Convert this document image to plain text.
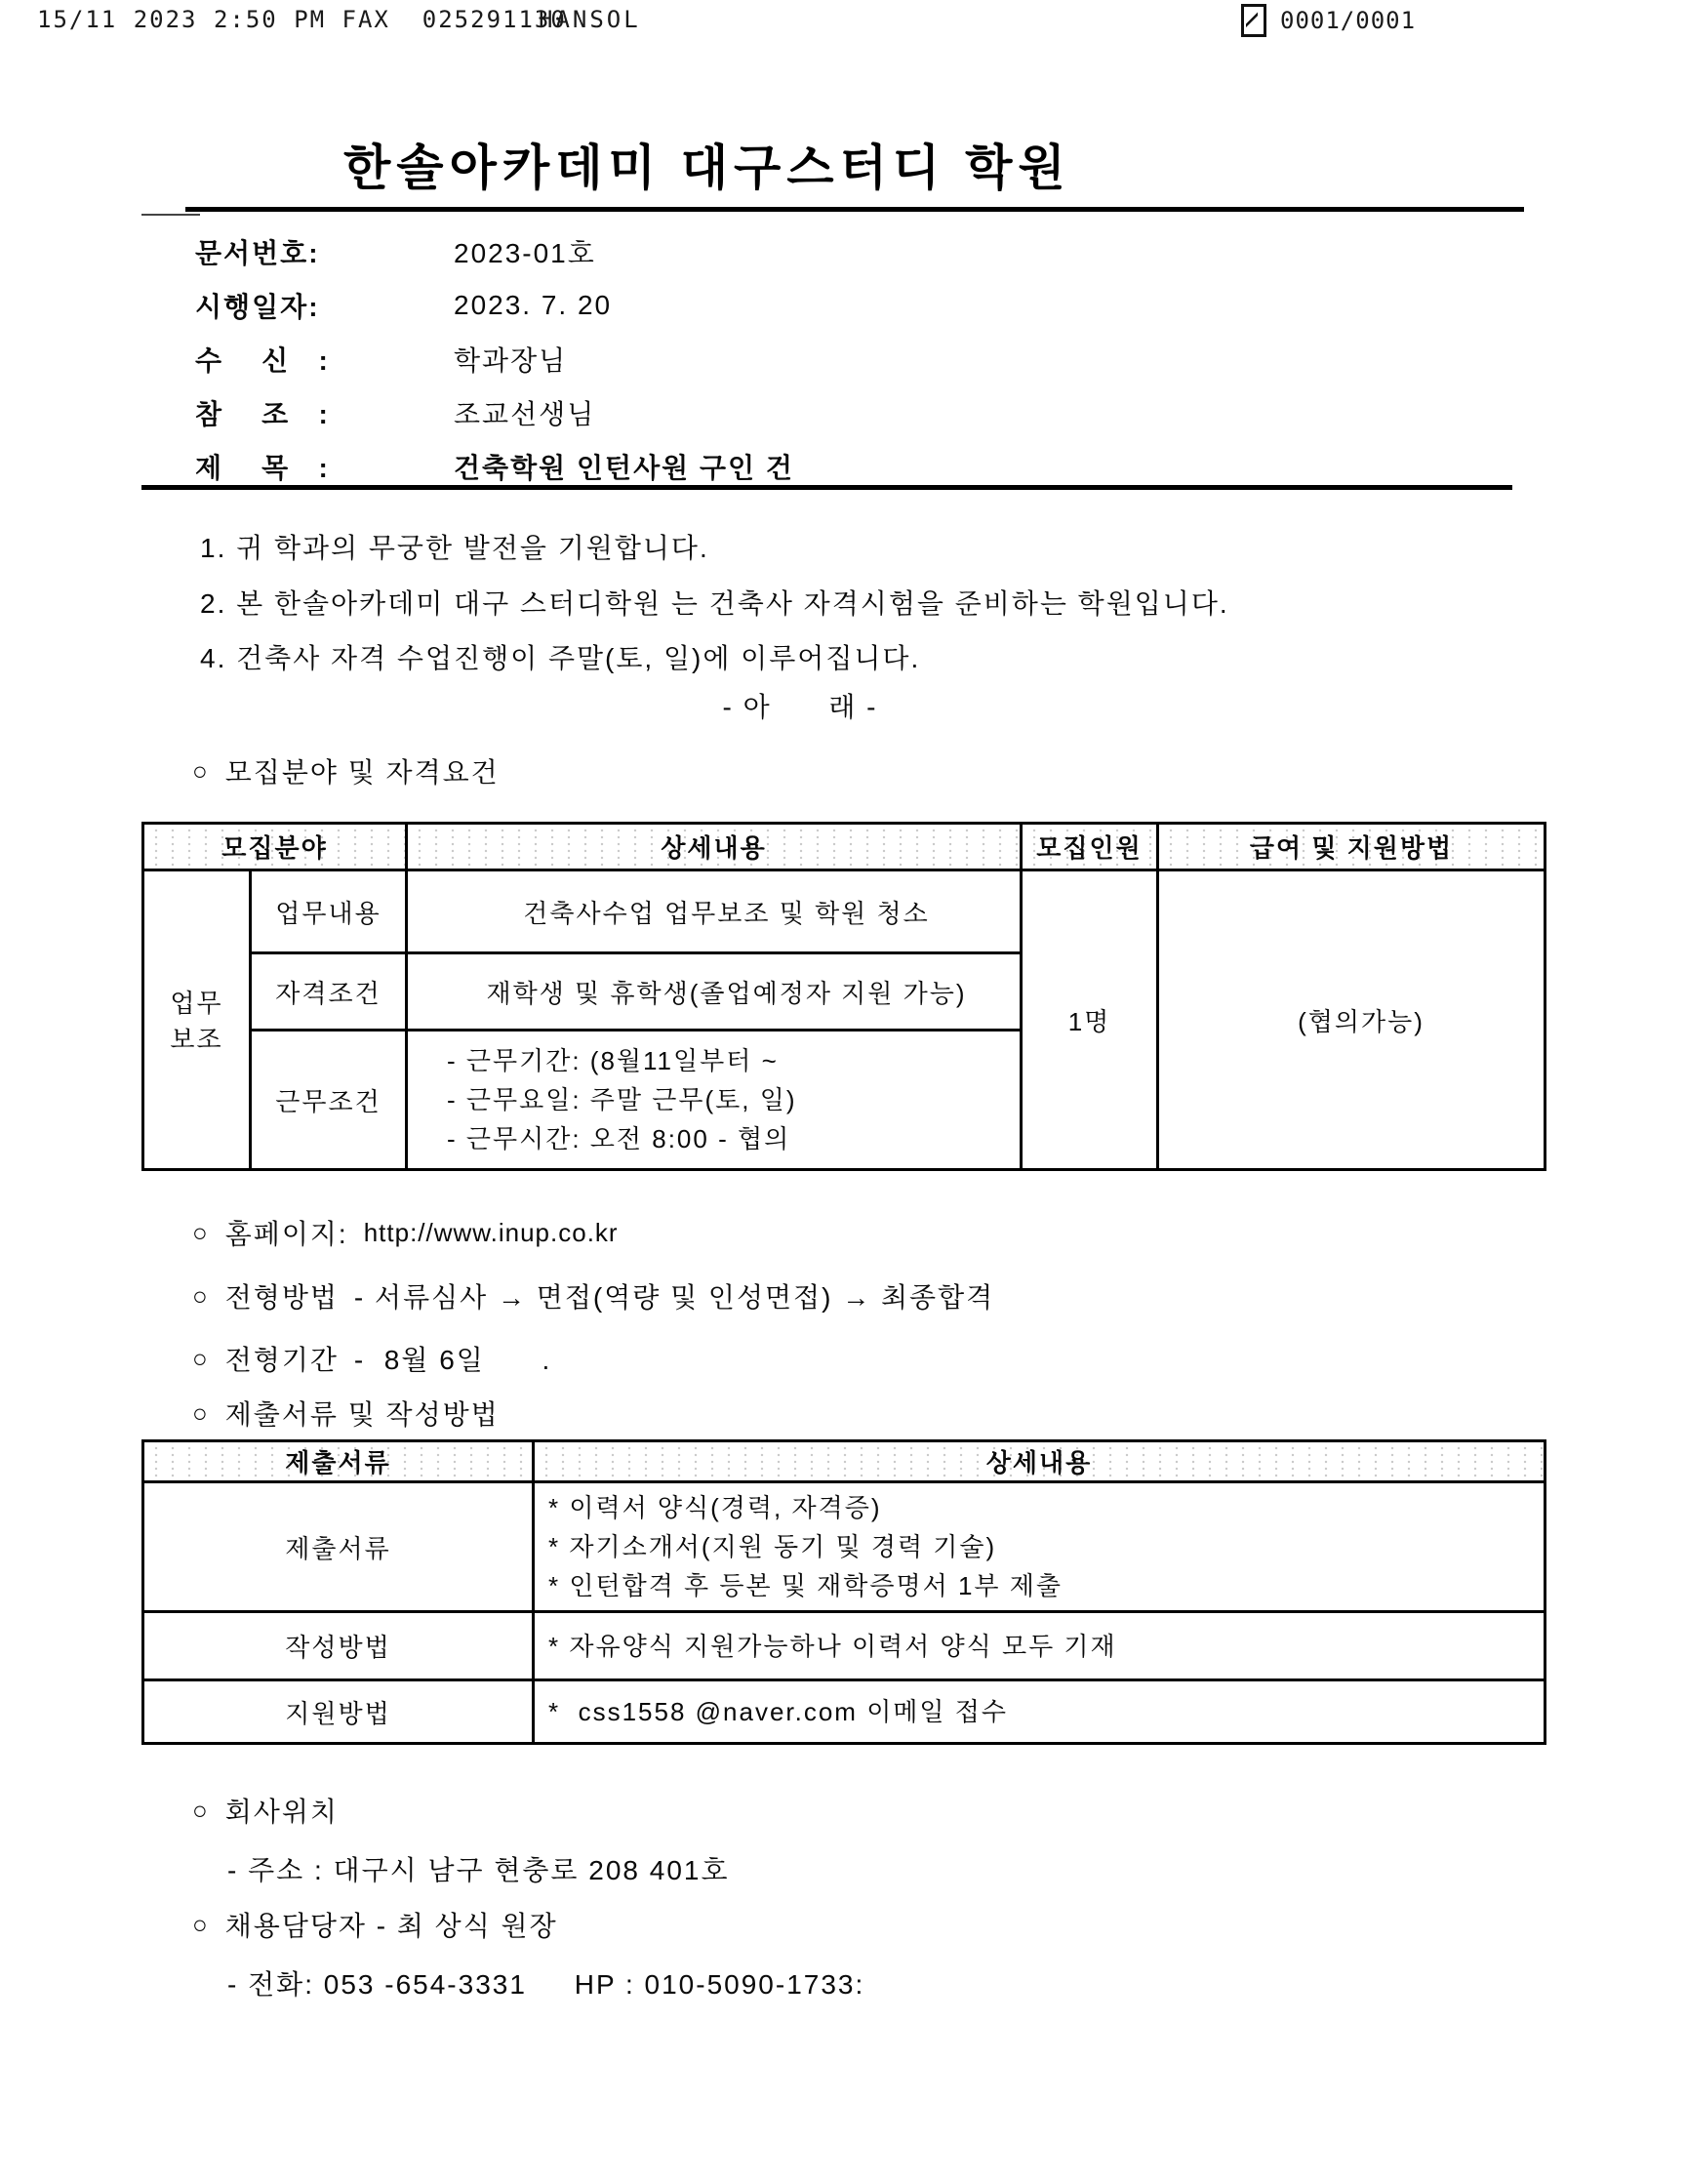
15/11 2023 2:50 PM FAX  025291130
HANSOL	0001/0001
한솔아카데미 대구스터디 학원
문서번호:	2023-01호
시행일자:	2023. 7. 20
수    신   :	학과장님
참    조   :	조교선생님
제    목   :	건축학원 인턴사원 구인 건
1. 귀 학과의 무궁한 발전을 기원합니다.
2. 본 한솔아카데미 대구 스터디학원 는 건축사 자격시험을 준비하는 학원입니다.
4. 건축사 자격 수업진행이 주말(토, 일)에 이루어집니다.
- 아      래 -
○ 모집분야 및 자격요건
모집분야		상세내용	모집인원	급여 및 지원방법
업무보조	업무내용	건축사수업 업무보조 및 학원 청소	1명	(협의가능)
	자격조건	재학생 및 휴학생(졸업예정자 지원 가능)		
	근무조건	- 근무기간: (8월11일부터 ~
- 근무요일: 주말 근무(토, 일)
- 근무시간: 오전 8:00 - 협의		
○ 홈페이지: http://www.inup.co.kr
○ 전형방법 - 서류심사 → 면접(역량 및 인성면접) → 최종합격
○ 전형기간 -  8월 6일      .
○ 제출서류 및 작성방법
제출서류	상세내용
제출서류	* 이력서 양식(경력, 자격증)
* 자기소개서(지원 동기 및 경력 기술)
* 인턴합격 후 등본 및 재학증명서 1부 제출

작성방법	* 자유양식 지원가능하나 이력서 양식 모두 기재

지원방법	*  css1558 @naver.com 이메일 접수
○ 회사위치
- 주소 : 대구시 남구 현충로 208 401호
○ 채용담당자 - 최 상식 원장
- 전화: 053 -654-3331     HP : 010-5090-1733:
